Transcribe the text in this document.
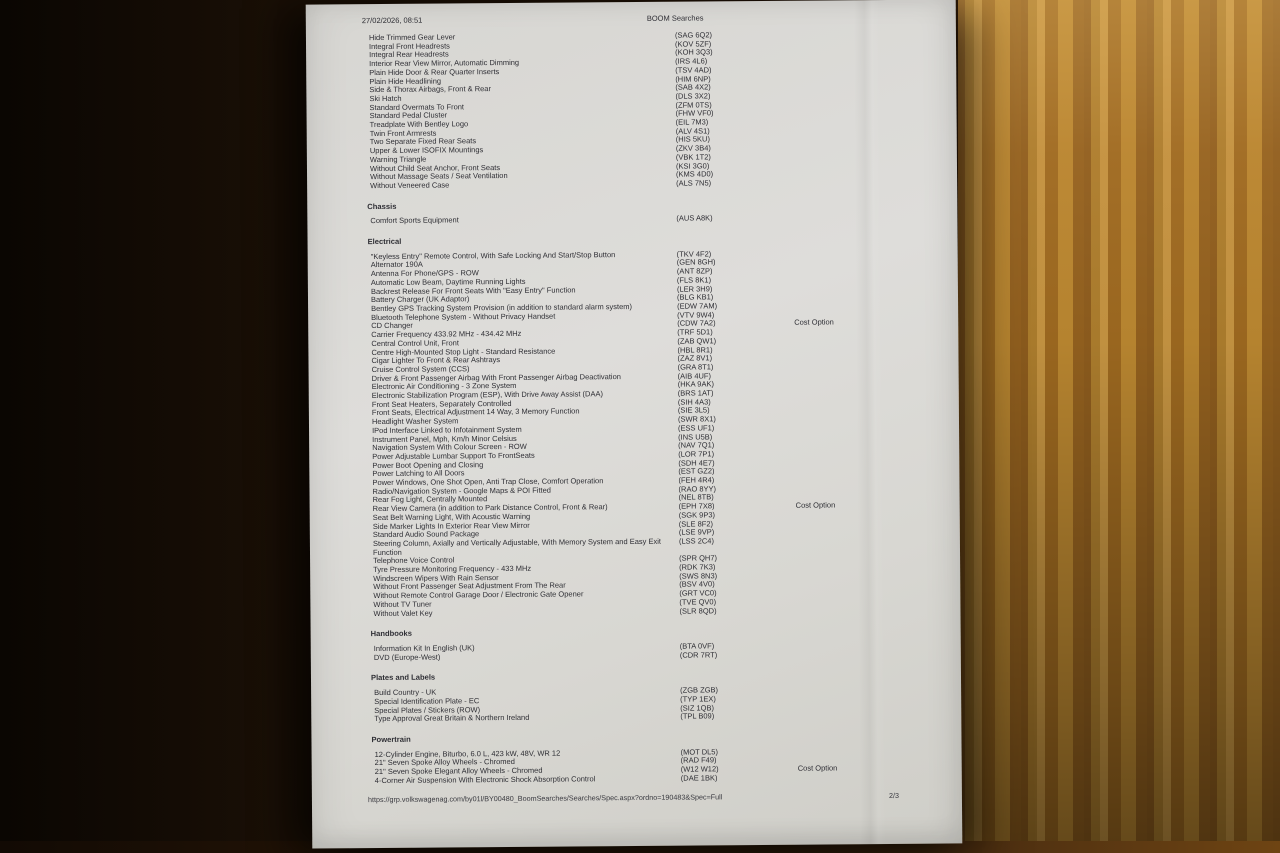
27/02/2026, 08:51	BOOM Searches
Hide Trimmed Gear Lever	(SAG 6Q2)
Integral Front Headrests	(KOV 5ZF)
Integral Rear Headrests	(KOH 3Q3)
Interior Rear View Mirror, Automatic Dimming	(IRS 4L6)
Plain Hide Door & Rear Quarter Inserts	(TSV 4AD)
Plain Hide Headlining	(HIM 6NP)
Side & Thorax Airbags, Front & Rear	(SAB 4X2)
Ski Hatch	(DLS 3X2)
Standard Overmats To Front	(ZFM 0TS)
Standard Pedal Cluster	(FHW VF0)
Treadplate With Bentley Logo	(EIL 7M3)
Twin Front Armrests	(ALV 4S1)
Two Separate Fixed Rear Seats	(HIS 5KU)
Upper & Lower ISOFIX Mountings	(ZKV 3B4)
Warning Triangle	(VBK 1T2)
Without Child Seat Anchor, Front Seats	(KSI 3G0)
Without Massage Seats / Seat Ventilation	(KMS 4D0)
Without Veneered Case	(ALS 7N5)
Chassis
Comfort Sports Equipment	(AUS A8K)
Electrical
"Keyless Entry" Remote Control, With Safe Locking And Start/Stop Button	(TKV 4F2)
Alternator 190A	(GEN 8GH)
Antenna For Phone/GPS - ROW	(ANT 8ZP)
Automatic Low Beam, Daytime Running Lights	(FLS 8K1)
Backrest Release For Front Seats With "Easy Entry" Function	(LER 3H9)
Battery Charger (UK Adaptor)	(BLG KB1)
Bentley GPS Tracking System Provision (in addition to standard alarm system)	(EDW 7AM)
Bluetooth Telephone System - Without Privacy Handset	(VTV 9W4)
CD Changer	(CDW 7A2)	Cost Option
Carrier Frequency 433.92 MHz - 434.42 MHz	(TRF 5D1)
Central Control Unit, Front	(ZAB QW1)
Centre High-Mounted Stop Light - Standard Resistance	(HBL 8R1)
Cigar Lighter To Front & Rear Ashtrays	(ZAZ 8V1)
Cruise Control System (CCS)	(GRA 8T1)
Driver & Front Passenger Airbag With Front Passenger Airbag Deactivation	(AIB 4UF)
Electronic Air Conditioning - 3 Zone System	(HKA 9AK)
Electronic Stabilization Program (ESP), With Drive Away Assist (DAA)	(BRS 1AT)
Front Seat Heaters, Separately Controlled	(SIH 4A3)
Front Seats, Electrical Adjustment 14 Way, 3 Memory Function	(SIE 3L5)
Headlight Washer System	(SWR 8X1)
IPod Interface Linked to Infotainment System	(ESS UF1)
Instrument Panel, Mph, Km/h Minor Celsius	(INS U5B)
Navigation System With Colour Screen - ROW	(NAV 7Q1)
Power Adjustable Lumbar Support To FrontSeats	(LOR 7P1)
Power Boot Opening and Closing	(SDH 4E7)
Power Latching to All Doors	(EST GZ2)
Power Windows, One Shot Open, Anti Trap Close, Comfort Operation	(FEH 4R4)
Radio/Navigation System - Google Maps & POI Fitted	(RAO 8YY)
Rear Fog Light, Centrally Mounted	(NEL 8TB)
Rear View Camera (in addition to Park Distance Control, Front & Rear)	(EPH 7X8)	Cost Option
Seat Belt Warning Light, With Acoustic Warning	(SGK 9P3)
Side Marker Lights In Exterior Rear View Mirror	(SLE 8F2)
Standard Audio Sound Package	(LSE 9VP)
Steering Column, Axially and Vertically Adjustable, With Memory System and Easy Exit Function
(LSS 2C4)
Telephone Voice Control	(SPR QH7)
Tyre Pressure Monitoring Frequency - 433 MHz	(RDK 7K3)
Windscreen Wipers With Rain Sensor	(SWS 8N3)
Without Front Passenger Seat Adjustment From The Rear	(BSV 4V0)
Without Remote Control Garage Door / Electronic Gate Opener	(GRT VC0)
Without TV Tuner	(TVE QV0)
Without Valet Key	(SLR 8QD)
Handbooks
Information Kit In English (UK)	(BTA 0VF)
DVD (Europe-West)	(CDR 7RT)
Plates and Labels
Build Country - UK	(ZGB ZGB)
Special Identification Plate - EC	(TYP 1EX)
Special Plates / Stickers (ROW)	(SIZ 1QB)
Type Approval Great Britain & Northern Ireland	(TPL B09)
Powertrain
12-Cylinder Engine, Biturbo, 6.0 L, 423 kW, 48V, WR 12	(MOT DL5)
21" Seven Spoke Alloy Wheels - Chromed	(RAD F49)
21" Seven Spoke Elegant Alloy Wheels - Chromed	(W12 W12)	Cost Option
4-Corner Air Suspension With Electronic Shock Absorption Control	(DAE 1BK)
https://grp.volkswagenag.com/by01l/BY00480_BoomSearches/Searches/Spec.aspx?ordno=190483&Spec=Full	2/3
